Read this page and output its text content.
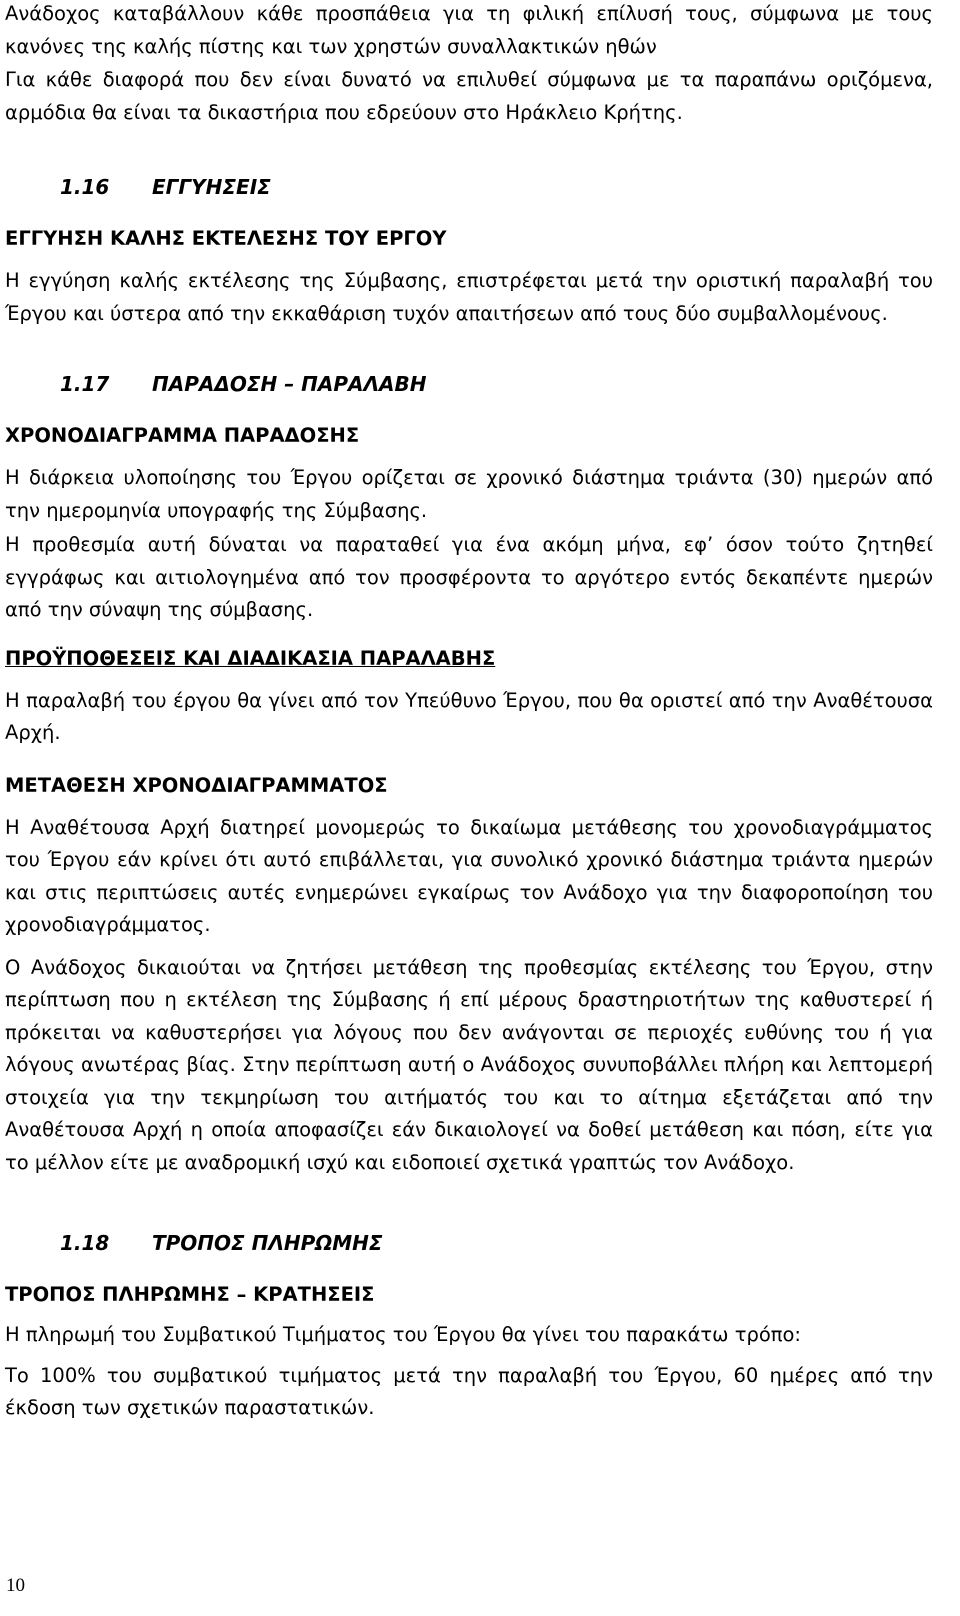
Ανάδοχος καταβάλλουν κάθε προσπάθεια για τη φιλική επίλυσή τους, σύμφωνα με τους κανόνες της καλής πίστης και των χρηστών συναλλακτικών ηθών

Για κάθε διαφορά που δεν είναι δυνατό να επιλυθεί σύμφωνα με τα παραπάνω οριζόμενα, αρμόδια θα είναι τα δικαστήρια που εδρεύουν στο Ηράκλειο Κρήτης.

1.16	ΕΓΓΥΗΣΕΙΣ
ΕΓΓΥΗΣΗ ΚΑΛΗΣ ΕΚΤΕΛΕΣΗΣ ΤΟΥ ΕΡΓΟΥ

Η εγγύηση καλής εκτέλεσης της Σύμβασης, επιστρέφεται μετά την οριστική παραλαβή του Έργου και ύστερα από την εκκαθάριση τυχόν απαιτήσεων από τους δύο συμβαλλομένους.

1.17	ΠΑΡΑΔΟΣΗ – ΠΑΡΑΛΑΒΗ
ΧΡΟΝΟΔΙΑΓΡΑΜΜΑ ΠΑΡΑΔΟΣΗΣ

Η διάρκεια υλοποίησης του Έργου ορίζεται σε χρονικό διάστημα τριάντα (30) ημερών από την ημερομηνία υπογραφής της Σύμβασης.

Η προθεσμία αυτή δύναται να παραταθεί για ένα ακόμη μήνα, εφ’ όσον τούτο ζητηθεί εγγράφως και αιτιολογημένα από τον προσφέροντα το αργότερο εντός δεκαπέντε ημερών από την σύναψη της σύμβασης.

ΠΡΟΫΠΟΘΕΣΕΙΣ ΚΑΙ ΔΙΑΔΙΚΑΣΙΑ ΠΑΡΑΛΑΒΗΣ

Η παραλαβή του έργου θα γίνει από τον Υπεύθυνο Έργου, που θα οριστεί από την Αναθέτουσα Αρχή.

ΜΕΤΑΘΕΣΗ ΧΡΟΝΟΔΙΑΓΡΑΜΜΑΤΟΣ

Η Αναθέτουσα Αρχή διατηρεί μονομερώς το δικαίωμα μετάθεσης του χρονοδιαγράμματος του Έργου εάν κρίνει ότι αυτό επιβάλλεται, για συνολικό χρονικό διάστημα τριάντα ημερών και στις περιπτώσεις αυτές ενημερώνει εγκαίρως τον Ανάδοχο για την διαφοροποίηση του χρονοδιαγράμματος.

Ο Ανάδοχος δικαιούται να ζητήσει μετάθεση της προθεσμίας εκτέλεσης του Έργου, στην περίπτωση που η εκτέλεση της Σύμβασης ή επί μέρους δραστηριοτήτων της καθυστερεί ή πρόκειται να καθυστερήσει για λόγους που δεν ανάγονται σε περιοχές ευθύνης του ή για λόγους ανωτέρας βίας. Στην περίπτωση αυτή ο Ανάδοχος συνυποβάλλει πλήρη και λεπτομερή στοιχεία για την τεκμηρίωση του αιτήματός του και το αίτημα εξετάζεται από την Αναθέτουσα Αρχή η οποία αποφασίζει εάν δικαιολογεί να δοθεί μετάθεση και πόση, είτε για το μέλλον είτε με αναδρομική ισχύ και ειδοποιεί σχετικά γραπτώς τον Ανάδοχο.

1.18	ΤΡΟΠΟΣ ΠΛΗΡΩΜΗΣ
ΤΡΟΠΟΣ ΠΛΗΡΩΜΗΣ – ΚΡΑΤΗΣΕΙΣ

Η πληρωμή του Συμβατικού Τιμήματος του Έργου θα γίνει του παρακάτω τρόπο:

Το 100% του συμβατικού τιμήματος μετά την παραλαβή του Έργου, 60 ημέρες από την έκδοση των σχετικών παραστατικών.

10
